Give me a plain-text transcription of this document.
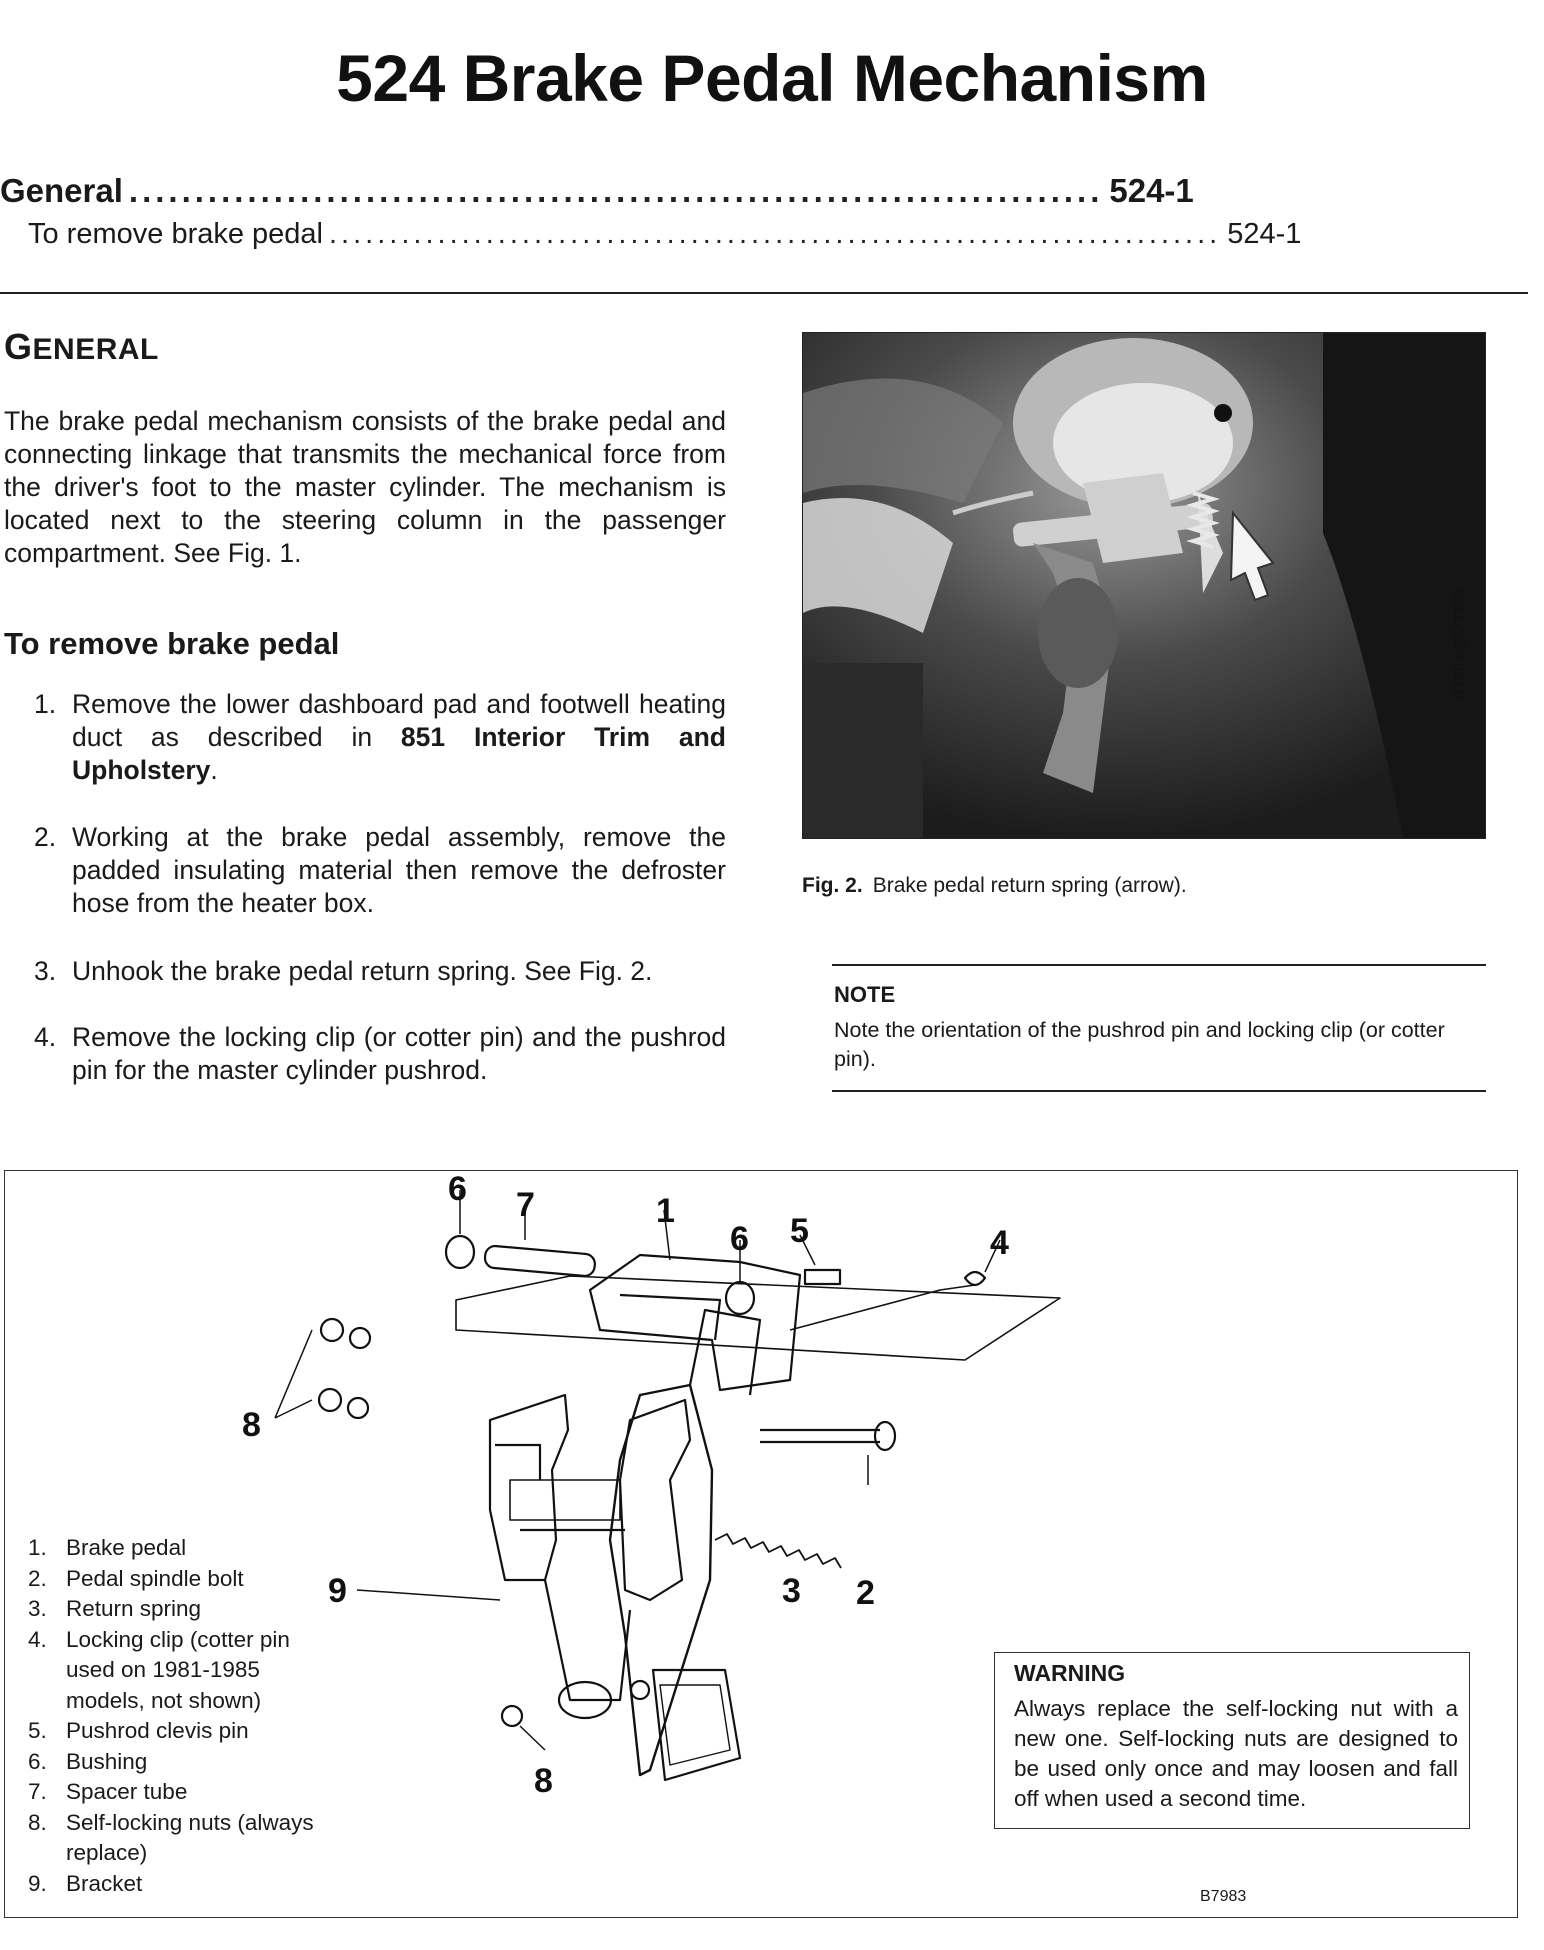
524 Brake Pedal Mechanism
General .......................................................................... 524-1
To remove brake pedal .......................................................................... 524-1
GENERAL
The brake pedal mechanism consists of the brake pedal and connecting linkage that transmits the mechanical force from the driver's foot to the master cylinder. The mechanism is located next to the steering column in the passenger compartment. See Fig. 1.
To remove brake pedal
1. Remove the lower dashboard pad and footwell heating duct as described in 851 Interior Trim and Upholstery.
2. Working at the brake pedal assembly, remove the padded insulating material then remove the defroster hose from the heater box.
3. Unhook the brake pedal return spring. See Fig. 2.
4. Remove the locking clip (or cotter pin) and the pushrod pin for the master cylinder pushrod.
B7984-S5/3399
Fig. 2. Brake pedal return spring (arrow).
NOTE
Note the orientation of the pushrod pin and locking clip (or cotter pin).
6 7	1
6 5	4
8
9	3 2
8
1. Brake pedal
2. Pedal spindle bolt
3. Return spring
4. Locking clip (cotter pin used on 1981-1985 models, not shown)
5. Pushrod clevis pin
6. Bushing
7. Spacer tube
8. Self-locking nuts (always replace)
9. Bracket
WARNING
Always replace the self-locking nut with a new one. Self-locking nuts are designed to be used only once and may loosen and fall off when used a second time.
B7983
